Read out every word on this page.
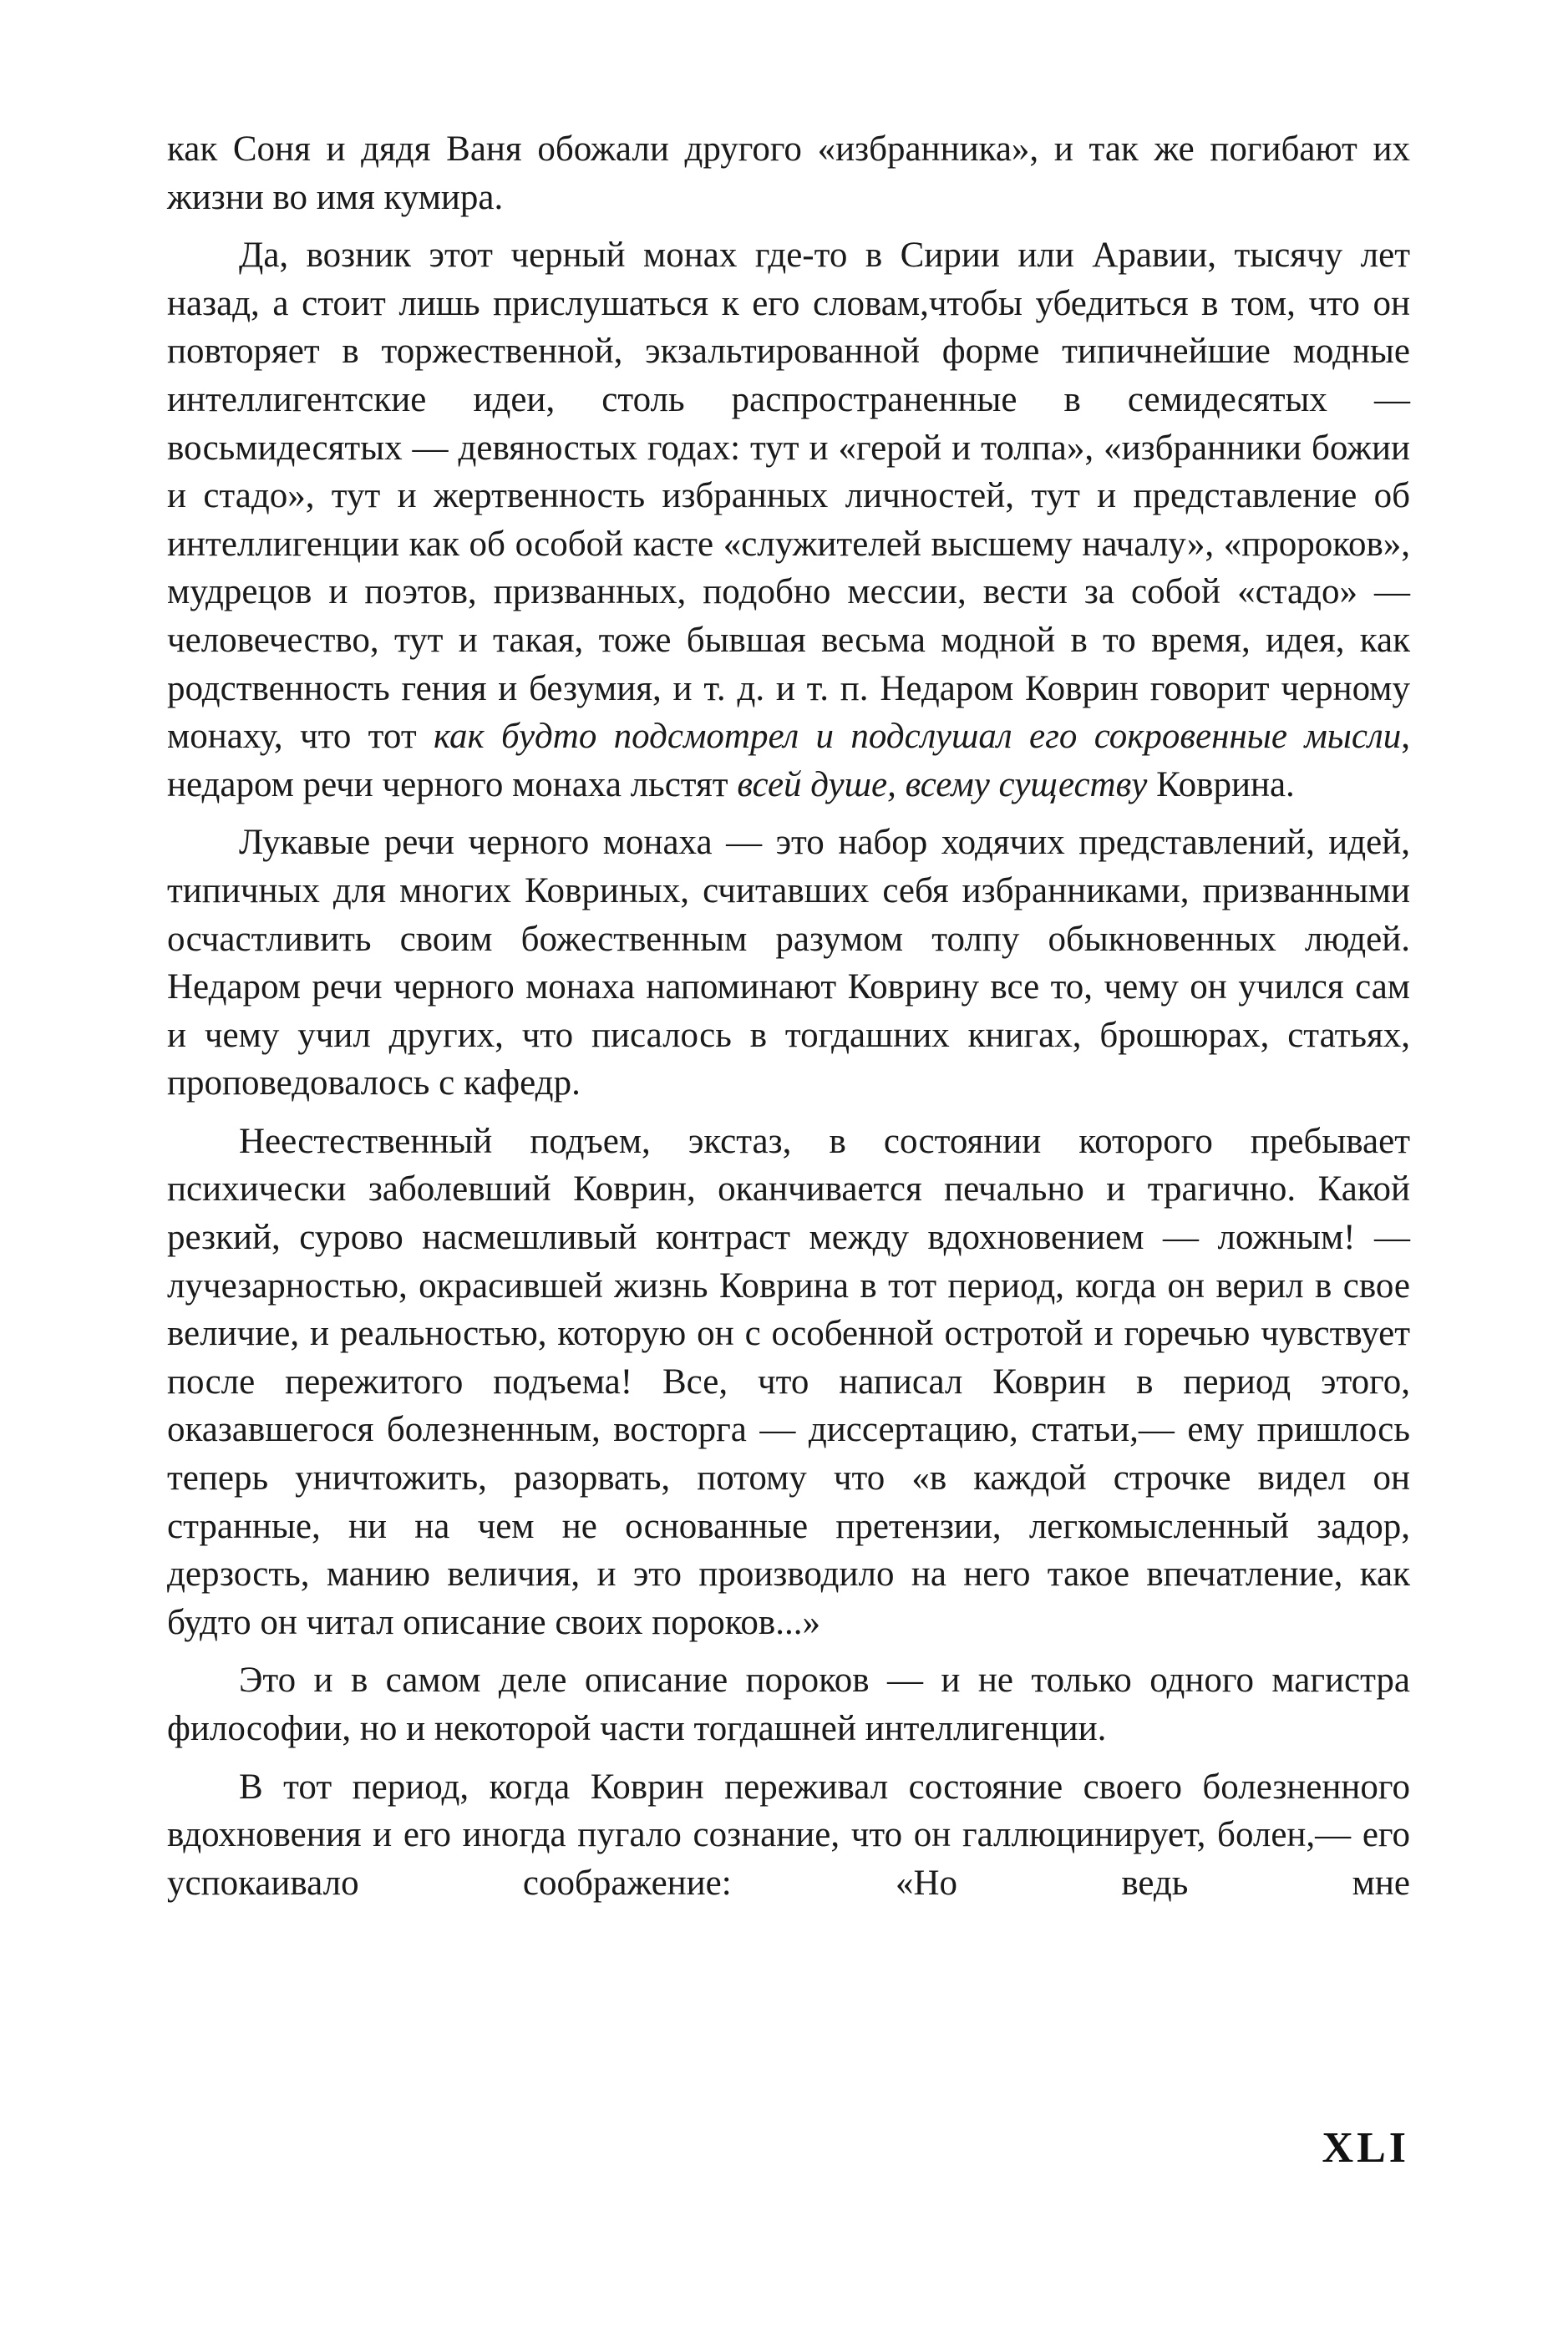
как Соня и дядя Ваня обожали другого «избранника», и так же погибают их жизни во имя кумира.

Да, возник этот черный монах где-то в Сирии или Аравии, тысячу лет назад, а стоит лишь прислушаться к его словам,чтобы убедиться в том, что он повторяет в торжественной, экзальтированной форме типичнейшие модные интеллигентские идеи, столь распространенные в семидесятых — восьмидесятых — девяностых годах: тут и «герой и толпа», «избранники божии и стадо», тут и жертвенность избранных личностей, тут и представление об интеллигенции как об особой касте «служителей высшему началу», «пророков», мудрецов и поэтов, призванных, подобно мессии, вести за собой «стадо» — человечество, тут и такая, тоже бывшая весьма модной в то время, идея, как родственность гения и безумия, и т. д. и т. п. Недаром Коврин говорит черному монаху, что тот как будто подсмотрел и подслушал его сокровенные мысли, недаром речи черного монаха льстят всей душе, всему существу Коврина.

Лукавые речи черного монаха — это набор ходячих представлений, идей, типичных для многих Ковриных, считавших себя избранниками, призванными осчастливить своим божественным разумом толпу обыкновенных людей. Недаром речи черного монаха напоминают Коврину все то, чему он учился сам и чему учил других, что писалось в тогдашних книгах, брошюрах, статьях, проповедовалось с кафедр.

Неестественный подъем, экстаз, в состоянии которого пребывает психически заболевший Коврин, оканчивается печально и трагично. Какой резкий, сурово насмешливый контраст между вдохновением — ложным! — лучезарностью, окрасившей жизнь Коврина в тот период, когда он верил в свое величие, и реальностью, которую он с особенной остротой и горечью чувствует после пережитого подъема! Все, что написал Коврин в период этого, оказавшегося болезненным, восторга — диссертацию, статьи,— ему пришлось теперь уничтожить, разорвать, потому что «в каждой строчке видел он странные, ни на чем не основанные претензии, легкомысленный задор, дерзость, манию величия, и это производило на него такое впечатление, как будто он читал описание своих пороков...»

Это и в самом деле описание пороков — и не только одного магистра философии, но и некоторой части тогдашней интеллигенции.

В тот период, когда Коврин переживал состояние своего болезненного вдохновения и его иногда пугало сознание, что он галлюцинирует, болен,— его успокаивало соображение: «Но ведь мне

XLI
